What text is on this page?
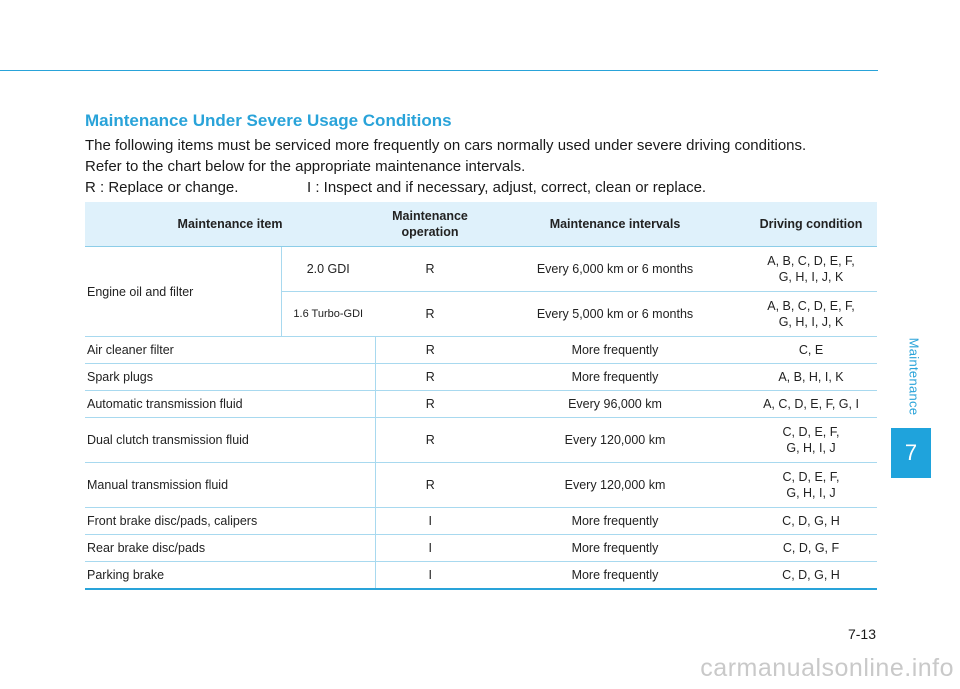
Maintenance
7
Maintenance Under Severe Usage Conditions

The following items must be serviced more frequently on cars normally used under severe driving conditions.

Refer to the chart below for the appropriate maintenance intervals.

R : Replace or change.	I : Inspect and if necessary, adjust, correct, clean or replace.

Maintenance item		Maintenance operation	Maintenance intervals	Driving condition
Engine oil and filter	2.0 GDI	R	Every 6,000 km or 6 months	A, B, C, D, E, F,
G, H, I, J, K

	1.6 Turbo-GDI	R	Every 5,000 km or 6 months	A, B, C, D, E, F,
G, H, I, J, K

Air cleaner filter		R	More frequently	C, E
Spark plugs		R	More frequently	A, B, H, I, K
Automatic transmission fluid		R	Every 96,000 km	A, C, D, E, F, G, I
Dual clutch transmission fluid		R	Every 120,000 km	C, D, E, F,
G, H, I, J

Manual transmission fluid		R	Every 120,000 km	C, D, E, F,
G, H, I, J

Front brake disc/pads, calipers		I	More frequently	C, D, G, H
Rear brake disc/pads		I	More frequently	C, D, G, F
Parking brake		I	More frequently	C, D, G, H
7-13
carmanualsonline.info
